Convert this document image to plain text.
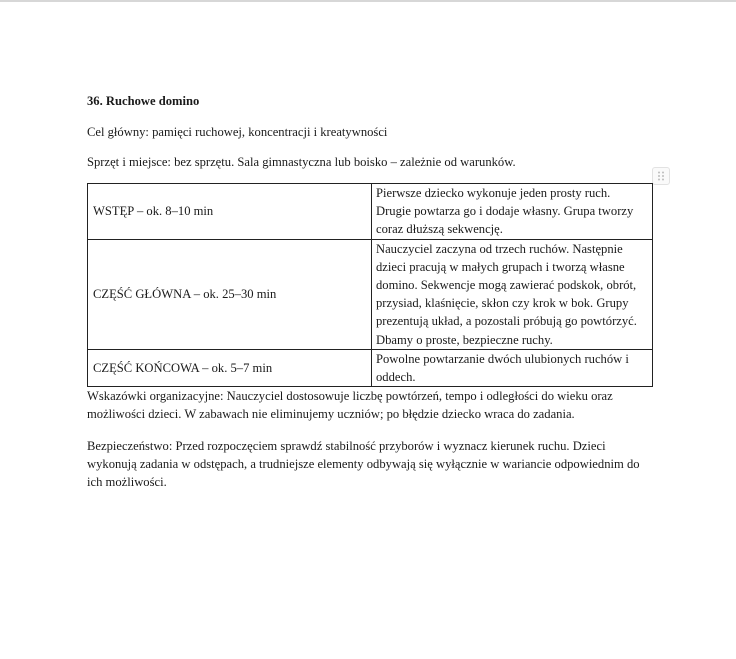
36. Ruchowe domino

Cel główny: pamięci ruchowej, koncentracji i kreatywności

Sprzęt i miejsce: bez sprzętu. Sala gimnastyczna lub boisko – zależnie od warunków.

WSTĘP – ok. 8–10 min	Pierwsze dziecko wykonuje jeden prosty ruch. Drugie powtarza go i dodaje własny. Grupa tworzy coraz dłuższą sekwencję.
CZĘŚĆ GŁÓWNA – ok. 25–30 min	Nauczyciel zaczyna od trzech ruchów. Następnie dzieci pracują w małych grupach i tworzą własne domino. Sekwencje mogą zawierać podskok, obrót, przysiad, klaśnięcie, skłon czy krok w bok. Grupy prezentują układ, a pozostali próbują go powtórzyć. Dbamy o proste, bezpieczne ruchy.
CZĘŚĆ KOŃCOWA – ok. 5–7 min	Powolne powtarzanie dwóch ulubionych ruchów i oddech.

Wskazówki organizacyjne: Nauczyciel dostosowuje liczbę powtórzeń, tempo i odległości do wieku oraz możliwości dzieci. W zabawach nie eliminujemy uczniów; po błędzie dziecko wraca do zadania.

Bezpieczeństwo: Przed rozpoczęciem sprawdź stabilność przyborów i wyznacz kierunek ruchu. Dzieci wykonują zadania w odstępach, a trudniejsze elementy odbywają się wyłącznie w wariancie odpowiednim do ich możliwości.
